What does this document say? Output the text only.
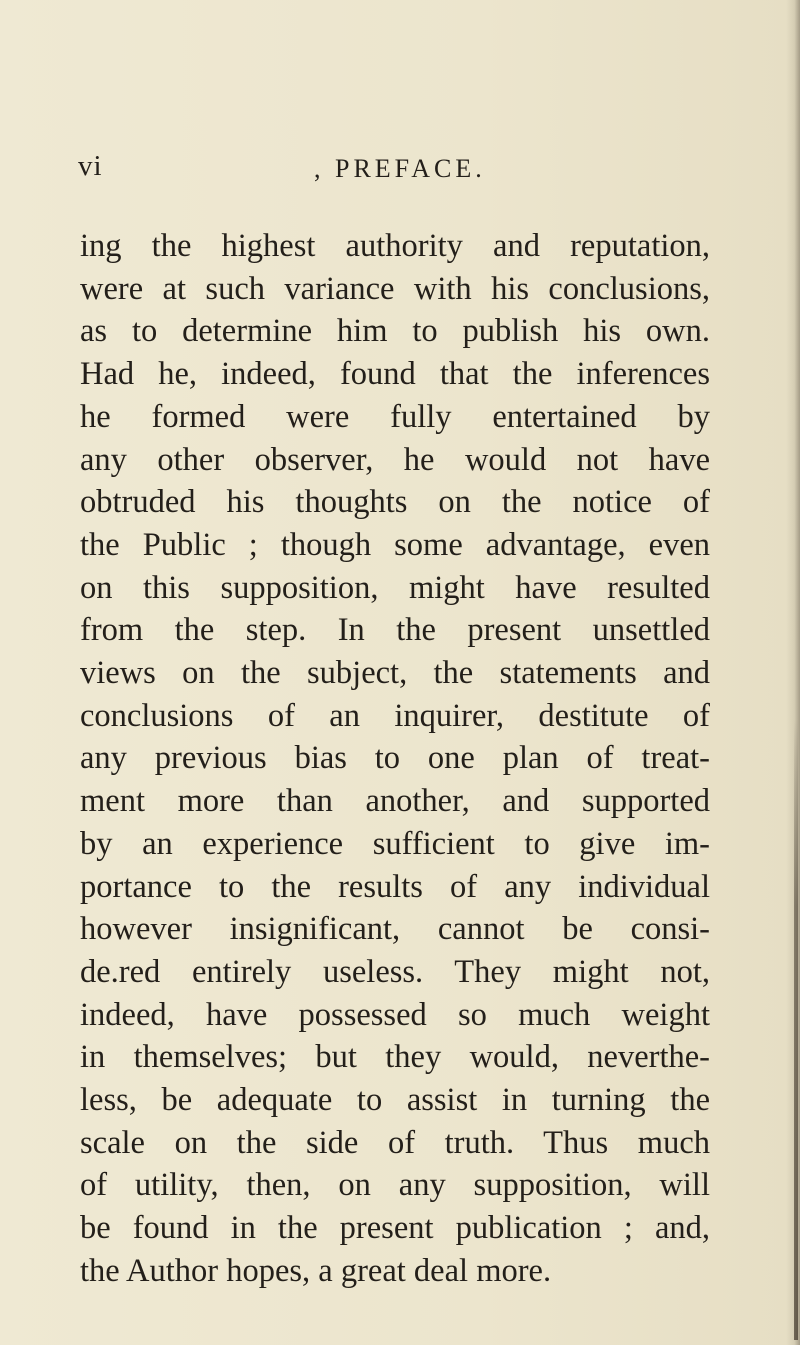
vi	, PREFACE.
ing the highest authority and reputation,
were at such variance with his conclusions,
as to determine him to publish his own.
Had he, indeed, found that the inferences
he formed were fully entertained by
any other observer, he would not have
obtruded his thoughts on the notice of
the Public ; though some advantage, even
on this supposition, might have resulted
from the step. In the present unsettled
views on the subject, the statements and
conclusions of an inquirer, destitute of
any previous bias to one plan of treat-
ment more than another, and supported
by an experience sufficient to give im-
portance to the results of any individual
however insignificant, cannot be consi-
de.red entirely useless. They might not,
indeed, have possessed so much weight
in themselves; but they would, neverthe-
less, be adequate to assist in turning the
scale on the side of truth. Thus much
of utility, then, on any supposition, will
be found in the present publication ; and,
the Author hopes, a great deal more.
